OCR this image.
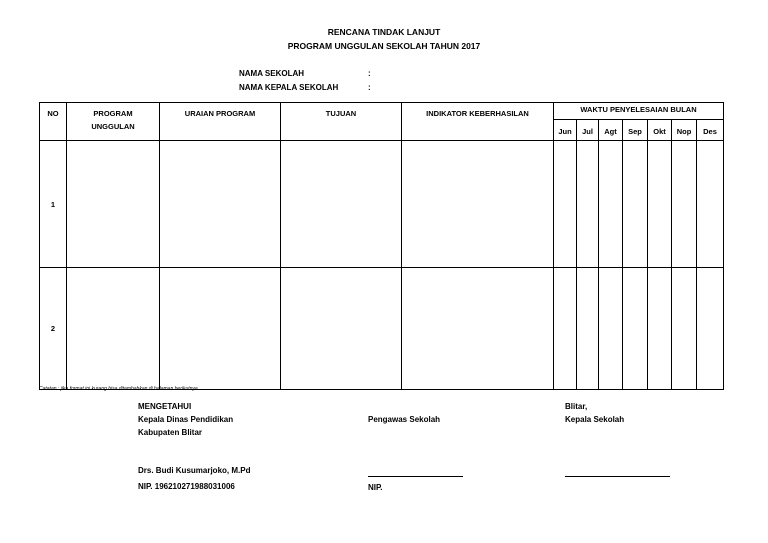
RENCANA TINDAK LANJUT
PROGRAM UNGGULAN SEKOLAH TAHUN 2017
NAMA SEKOLAH	:
NAMA KEPALA SEKOLAH	:
NO	PROGRAM UNGGULAN	URAIAN PROGRAM	TUJUAN	INDIKATOR KEBERHASILAN	WAKTU PENYELESAIAN BULAN						
					Jun	Jul	Agt	Sep	Okt	Nop	Des
1											
2											
Catatan : jika format ini kurang bisa ditambahkan di halaman berikutnya.
MENGETAHUI
Kepala Dinas Pendidikan
Kabupaten Blitar
Drs. Budi Kusumarjoko, M.Pd
NIP. 196210271988031006
Pengawas Sekolah
NIP.
Blitar,
Kepala Sekolah
